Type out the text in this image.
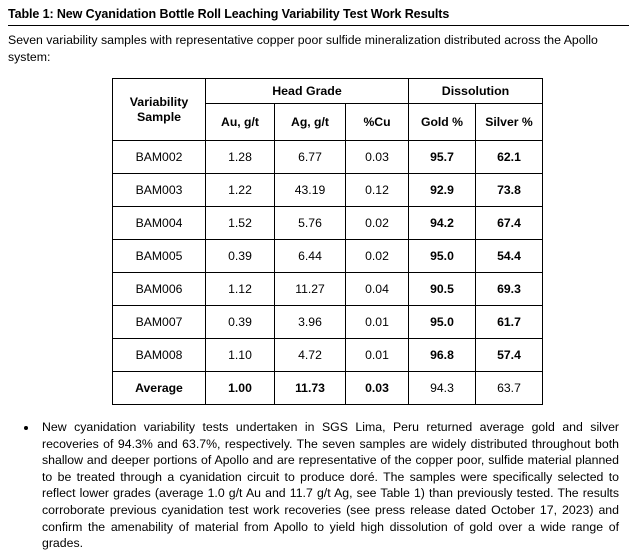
Table 1: New Cyanidation Bottle Roll Leaching Variability Test Work Results

Seven variability samples with representative copper poor sulfide mineralization distributed across the Apollo system:

Variability Sample	Head Grade			Dissolution	
	Au, g/t	Ag, g/t	%Cu	Gold %	Silver %
BAM002	1.28	6.77	0.03	95.7	62.1
BAM003	1.22	43.19	0.12	92.9	73.8
BAM004	1.52	5.76	0.02	94.2	67.4
BAM005	0.39	6.44	0.02	95.0	54.4
BAM006	1.12	11.27	0.04	90.5	69.3
BAM007	0.39	3.96	0.01	95.0	61.7
BAM008	1.10	4.72	0.01	96.8	57.4
Average	1.00	11.73	0.03	94.3	63.7
• New cyanidation variability tests undertaken in SGS Lima, Peru returned average gold and silver recoveries of 94.3% and 63.7%, respectively. The seven samples are widely distributed throughout both shallow and deeper portions of Apollo and are representative of the copper poor, sulfide material planned to be treated through a cyanidation circuit to produce doré. The samples were specifically selected to reflect lower grades (average 1.0 g/t Au and 11.7 g/t Ag, see Table 1) than previously tested. The results corroborate previous cyanidation test work recoveries (see press release dated October 17, 2023) and confirm the amenability of material from Apollo to yield high dissolution of gold over a wide range of grades.
